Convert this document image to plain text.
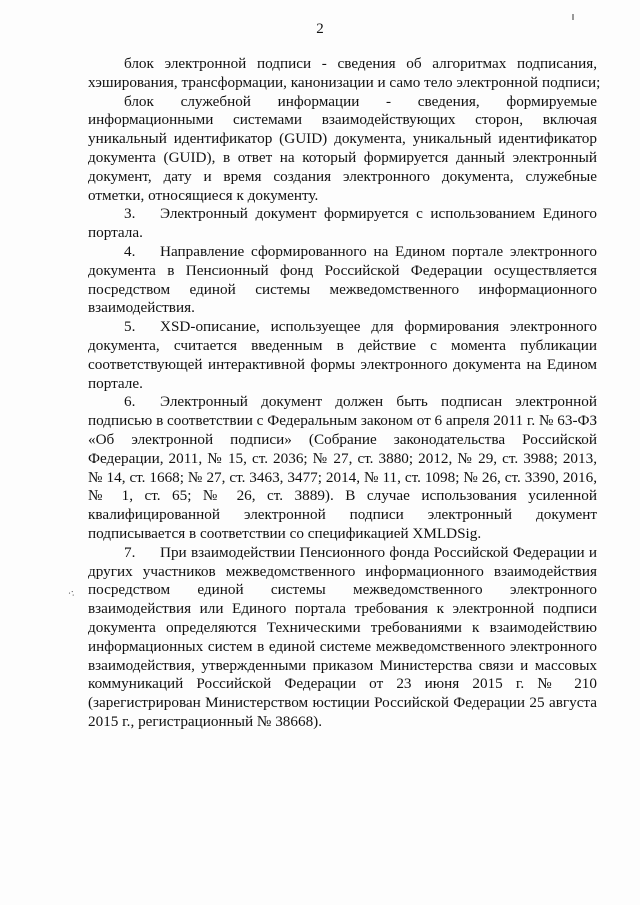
2
·:
блок электронной подписи - сведения об алгоритмах подписания,
хэширования, трансформации, канонизации и само тело электронной подписи;
блок служебной информации - сведения, формируемые
информационными системами взаимодействующих сторон, включая
уникальный идентификатор (GUID) документа, уникальный идентификатор
документа (GUID), в ответ на который формируется данный электронный
документ, дату и время создания электронного документа, служебные
отметки, относящиеся к документу.
3. Электронный документ формируется с использованием Единого
портала.
4. Направление сформированного на Едином портале электронного
документа в Пенсионный фонд Российской Федерации осуществляется
посредством единой системы межведомственного информационного
взаимодействия.
5. XSD-описание, используещее для формирования электронного
документа, считается введенным в действие с момента публикации
соответствующей интерактивной формы электронного документа на Едином
портале.
6. Электронный документ должен быть подписан электронной
подписью в соответствии с Федеральным законом от 6 апреля 2011 г. № 63-ФЗ
«Об электронной подписи» (Собрание законодательства Российской
Федерации, 2011, № 15, ст. 2036; № 27, ст. 3880; 2012, № 29, ст. 3988; 2013,
№ 14, ст. 1668; № 27, ст. 3463, 3477; 2014, № 11, ст. 1098; № 26, ст. 3390, 2016,
№ 1, ст. 65; № 26, ст. 3889). В случае использования усиленной
квалифицированной электронной подписи электронный документ
подписывается в соответствии со спецификацией XMLDSig.
7. При взаимодействии Пенсионного фонда Российской Федерации и
других участников межведомственного информационного взаимодействия
посредством единой системы межведомственного электронного
взаимодействия или Единого портала требования к электронной подписи
документа определяются Техническими требованиями к взаимодействию
информационных систем в единой системе межведомственного электронного
взаимодействия, утвержденными приказом Министерства связи и массовых
коммуникаций Российской Федерации от 23 июня 2015 г. № 210
(зарегистрирован Министерством юстиции Российской Федерации 25 августа
2015 г., регистрационный № 38668).
